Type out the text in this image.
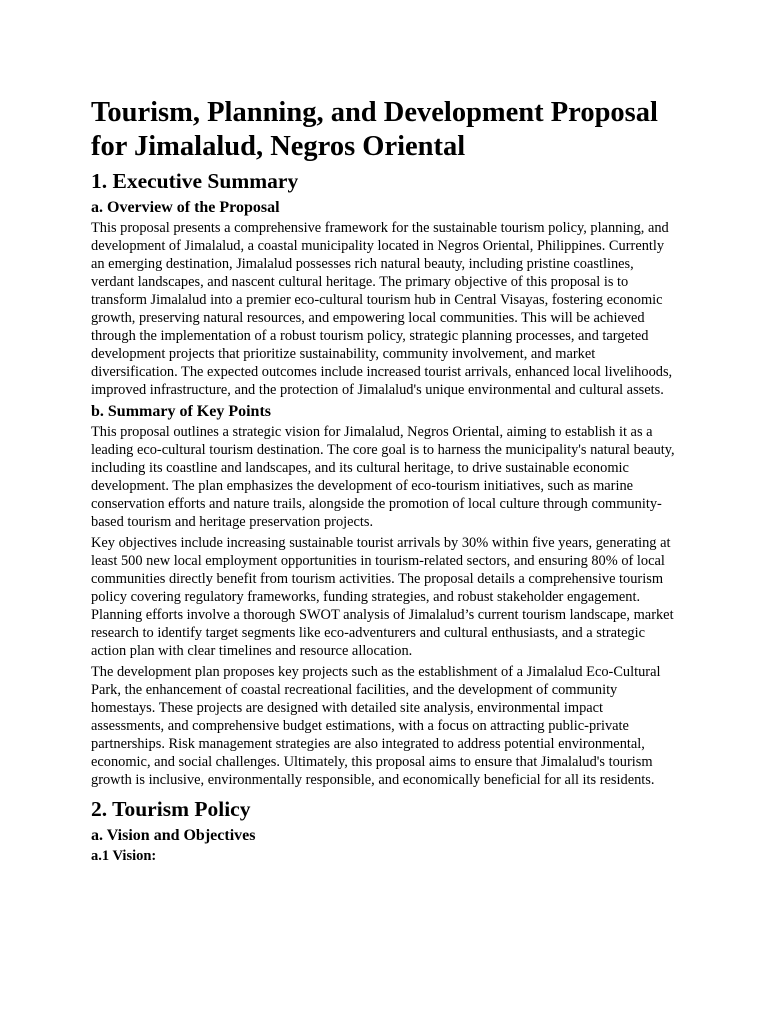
Tourism, Planning, and Development Proposal for Jimalalud, Negros Oriental
1. Executive Summary
a. Overview of the Proposal

This proposal presents a comprehensive framework for the sustainable tourism policy, planning, and development of Jimalalud, a coastal municipality located in Negros Oriental, Philippines. Currently an emerging destination, Jimalalud possesses rich natural beauty, including pristine coastlines, verdant landscapes, and nascent cultural heritage. The primary objective of this proposal is to transform Jimalalud into a premier eco-cultural tourism hub in Central Visayas, fostering economic growth, preserving natural resources, and empowering local communities. This will be achieved through the implementation of a robust tourism policy, strategic planning processes, and targeted development projects that prioritize sustainability, community involvement, and market diversification. The expected outcomes include increased tourist arrivals, enhanced local livelihoods, improved infrastructure, and the protection of Jimalalud's unique environmental and cultural assets.

b. Summary of Key Points

This proposal outlines a strategic vision for Jimalalud, Negros Oriental, aiming to establish it as a leading eco-cultural tourism destination. The core goal is to harness the municipality's natural beauty, including its coastline and landscapes, and its cultural heritage, to drive sustainable economic development. The plan emphasizes the development of eco-tourism initiatives, such as marine conservation efforts and nature trails, alongside the promotion of local culture through community-based tourism and heritage preservation projects.

Key objectives include increasing sustainable tourist arrivals by 30% within five years, generating at least 500 new local employment opportunities in tourism-related sectors, and ensuring 80% of local communities directly benefit from tourism activities. The proposal details a comprehensive tourism policy covering regulatory frameworks, funding strategies, and robust stakeholder engagement. Planning efforts involve a thorough SWOT analysis of Jimalalud’s current tourism landscape, market research to identify target segments like eco-adventurers and cultural enthusiasts, and a strategic action plan with clear timelines and resource allocation.

The development plan proposes key projects such as the establishment of a Jimalalud Eco-Cultural Park, the enhancement of coastal recreational facilities, and the development of community homestays. These projects are designed with detailed site analysis, environmental impact assessments, and comprehensive budget estimations, with a focus on attracting public-private partnerships. Risk management strategies are also integrated to address potential environmental, economic, and social challenges. Ultimately, this proposal aims to ensure that Jimalalud's tourism growth is inclusive, environmentally responsible, and economically beneficial for all its residents.

2. Tourism Policy
a. Vision and Objectives
a.1 Vision:
